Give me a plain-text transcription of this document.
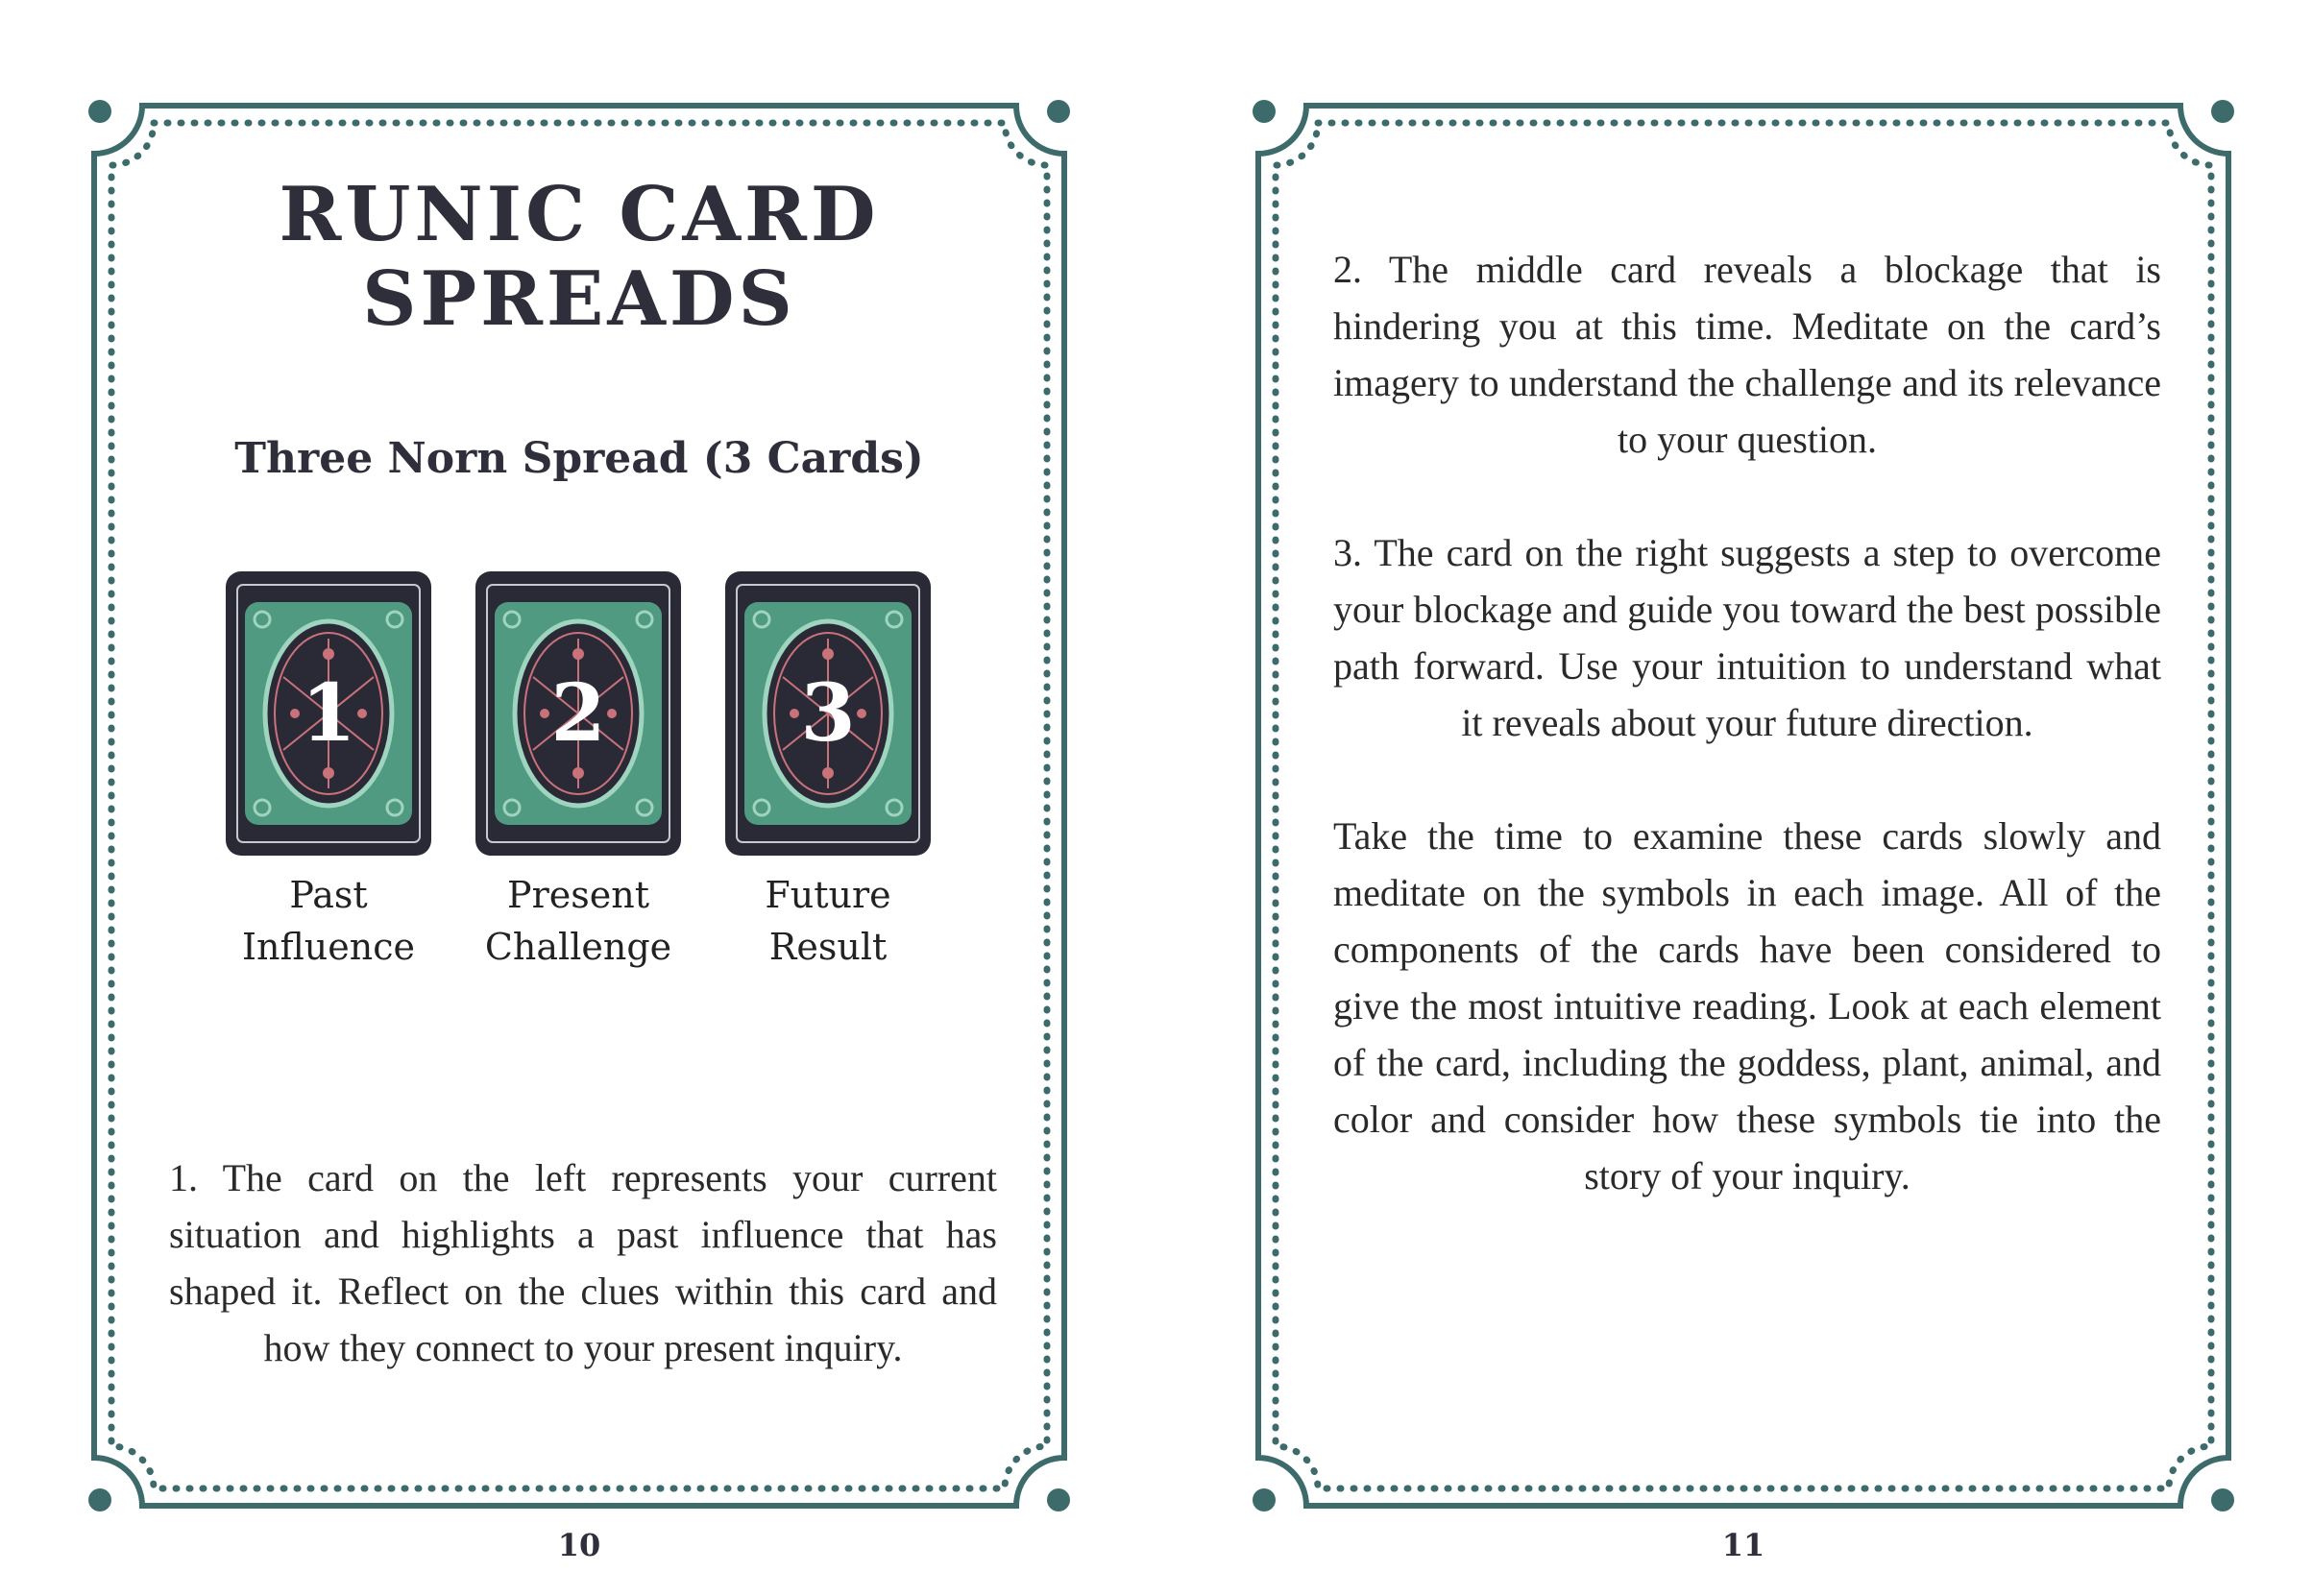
RUNIC CARD
SPREADS
Three Norn Spread (3 Cards)
1
Past
Influence
2
Present
Challenge
3
Future
Result

1. The card on the left represents your current situation and highlights a past influence that has shaped it. Reflect on the clues within this card and how they connect to your present inquiry.

10

2. The middle card reveals a blockage that is hindering you at this time. Meditate on the card’s imagery to understand the challenge and its relevance to your question.

3. The card on the right suggests a step to overcome your blockage and guide you toward the best possible path forward. Use your intuition to understand what it reveals about your future direction.

Take the time to examine these cards slowly and meditate on the symbols in each image. All of the components of the cards have been considered to give the most intuitive reading. Look at each element of the card, including the goddess, plant, animal, and color and consider how these symbols tie into the story of your inquiry.

11
